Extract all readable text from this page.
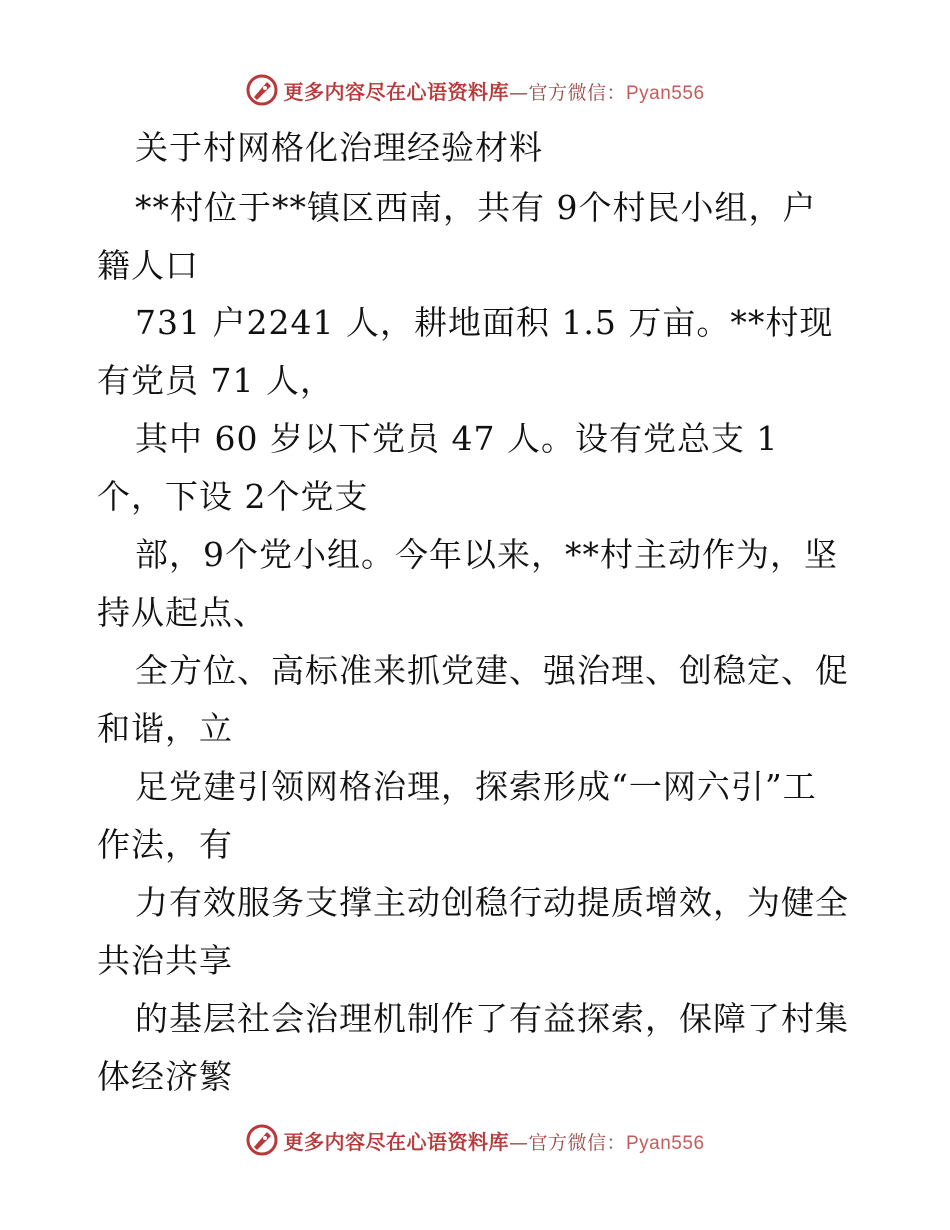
更多内容尽在心语资料库 —官方微信： Pyan556
关于村网格化治理经验材料
**村位于**镇区西南，共有 9个村民小组，户
籍人口
731 户2241 人，耕地面积 1.5 万亩。**村现
有党员 71 人，
其中 60 岁以下党员 47 人。设有党总支 1
个，下设 2个党支
部，9个党小组。今年以来，**村主动作为，坚
持从起点、
全方位、高标准来抓党建、强治理、创稳定、促
和谐，立
足党建引领网格治理，探索形成“一网六引”工
作法，有
力有效服务支撑主动创稳行动提质增效，为健全
共治共享
的基层社会治理机制作了有益探索，保障了村集
体经济繁
更多内容尽在心语资料库 —官方微信： Pyan556
